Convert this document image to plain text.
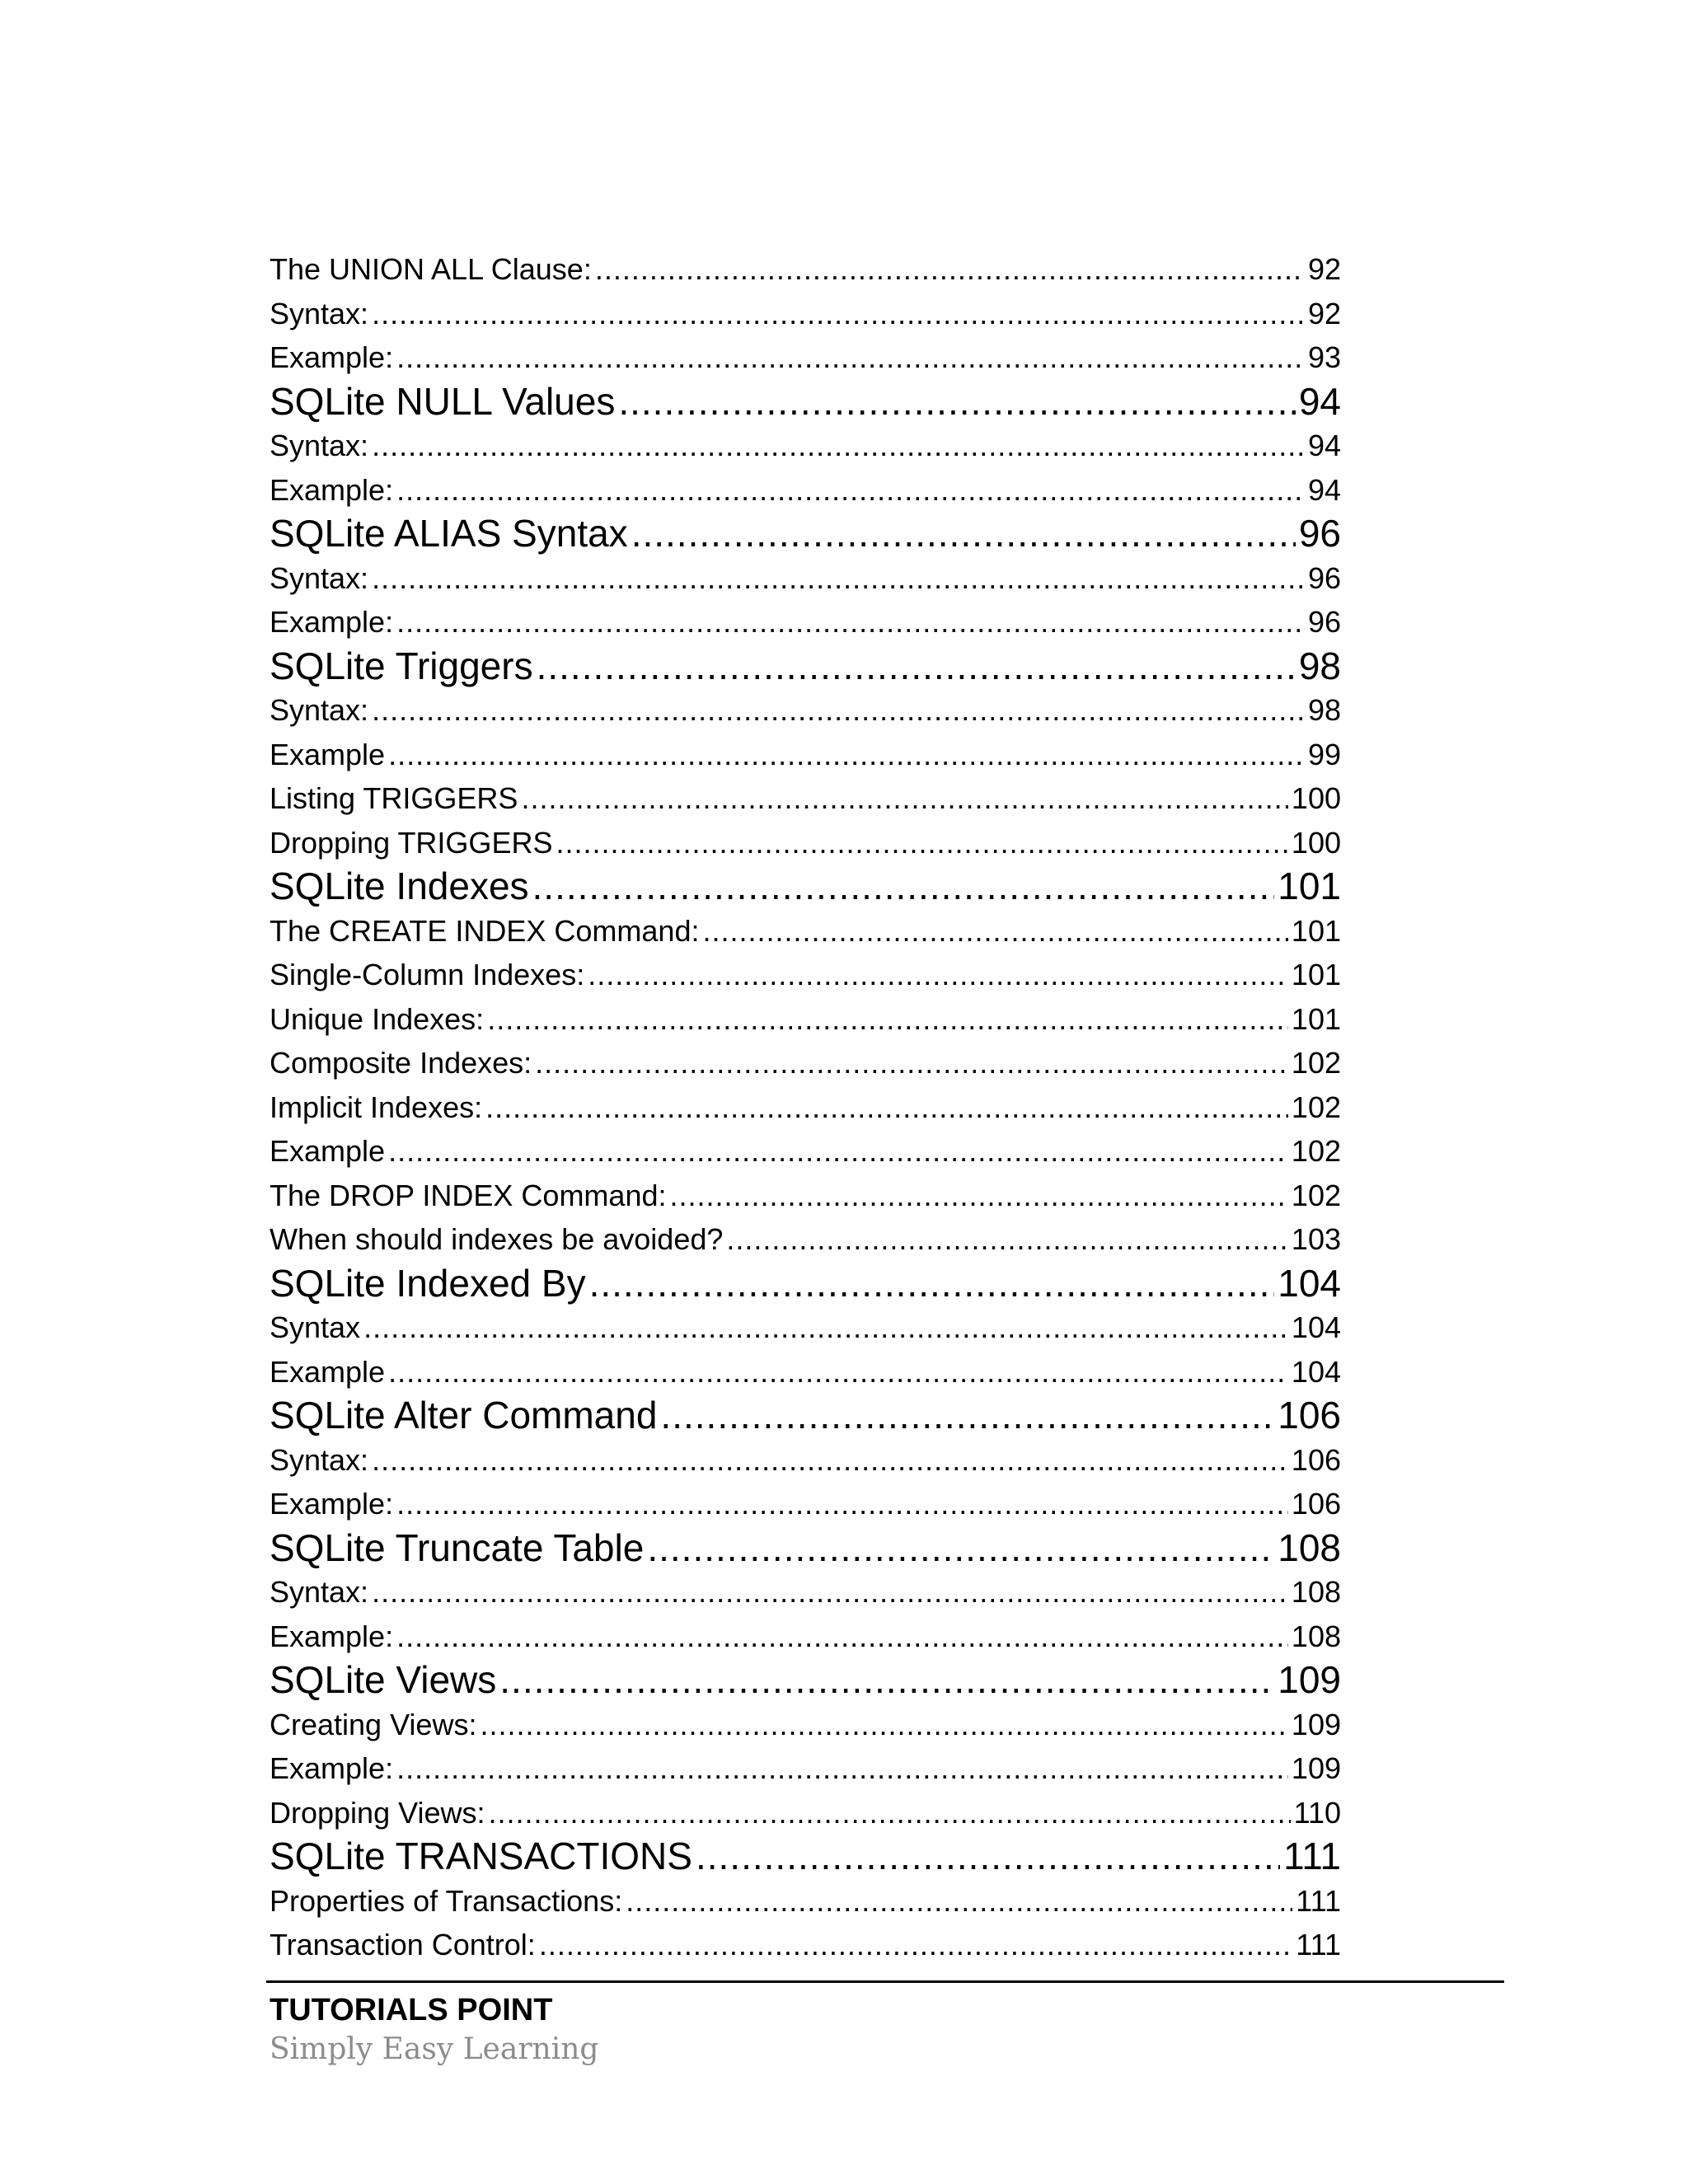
The UNION ALL Clause: .....	92
Syntax: .....	92
Example: .....	93
SQLite NULL Values .....	94
Syntax: .....	94
Example: .....	94
SQLite ALIAS Syntax .....	96
Syntax: .....	96
Example: .....	96
SQLite Triggers .....	98
Syntax: .....	98
Example .....	99
Listing TRIGGERS .....	100
Dropping TRIGGERS .....	100
SQLite Indexes .....	101
The CREATE INDEX Command: .....	101
Single-Column Indexes: .....	101
Unique Indexes: .....	101
Composite Indexes: .....	102
Implicit Indexes: .....	102
Example .....	102
The DROP INDEX Command: .....	102
When should indexes be avoided? .....	103
SQLite Indexed By .....	104
Syntax .....	104
Example .....	104
SQLite Alter Command .....	106
Syntax: .....	106
Example: .....	106
SQLite Truncate Table .....	108
Syntax: .....	108
Example: .....	108
SQLite Views .....	109
Creating Views: .....	109
Example: .....	109
Dropping Views: .....	110
SQLite TRANSACTIONS .....	111
Properties of Transactions: .....	111
Transaction Control: .....	111
TUTORIALS POINT
Simply Easy Learning
